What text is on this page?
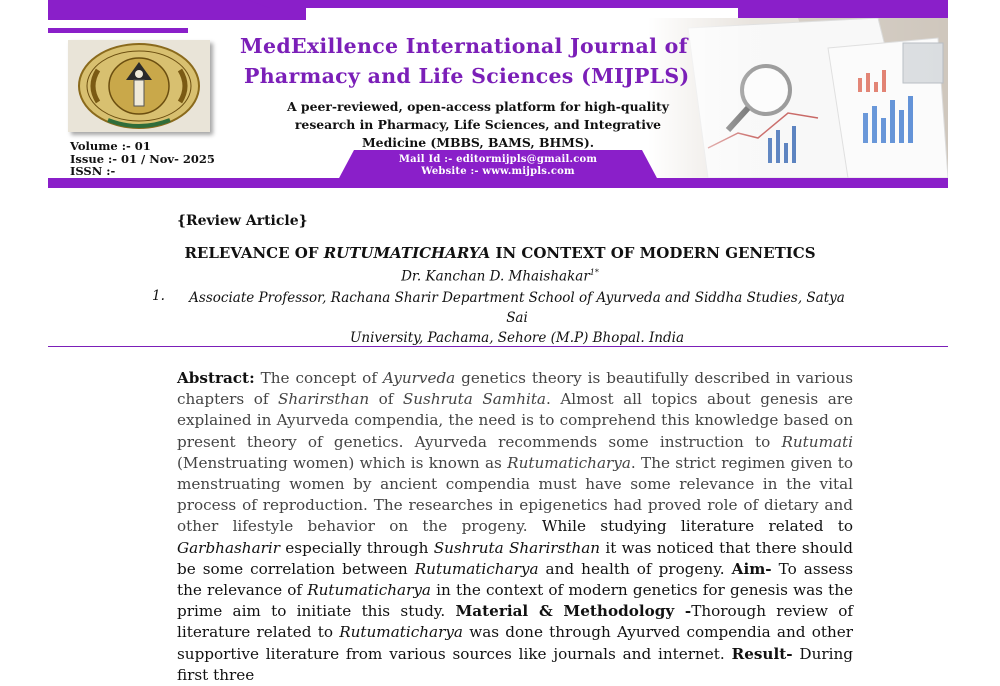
MedExillence International Journal of
Pharmacy and Life Sciences (MIJPLS)
A peer-reviewed, open-access platform for high-quality
research in Pharmacy, Life Sciences, and Integrative
Medicine (MBBS, BAMS, BHMS).
Volume :- 01
Issue :- 01 / Nov- 2025
ISSN :-
Mail Id :- editormijpls@gmail.com
Website :- www.mijpls.com
{Review Article}
RELEVANCE OF RUTUMATICHARYA IN CONTEXT OF MODERN GENETICS
Dr. Kanchan D. Mhaishakar$^{1*}$
1.	Associate Professor, Rachana Sharir Department School of Ayurveda and Siddha Studies, Satya Sai
University, Pachama, Sehore (M.P) Bhopal. India
Abstract: The concept of Ayurveda genetics theory is beautifully described in various chapters of Sharirsthan of Sushruta Samhita. Almost all topics about genesis are explained in Ayurveda compendia, the need is to comprehend this knowledge based on present theory of genetics. Ayurveda recommends some instruction to Rutumati (Menstruating women) which is known as Rutumaticharya. The strict regimen given to menstruating women by ancient compendia must have some relevance in the vital process of reproduction. The researches in epigenetics had proved role of dietary and other lifestyle behavior on the progeny. While studying literature related to Garbhasharir especially through Sushruta Sharirsthan it was noticed that there should be some correlation between Rutumaticharya and health of progeny. Aim- To assess the relevance of Rutumaticharya in the context of modern genetics for genesis was the prime aim to initiate this study. Material & Methodology -Thorough review of literature related to Rutumaticharya was done through Ayurved compendia and other supportive literature from various sources like journals and internet. Result- During first three
